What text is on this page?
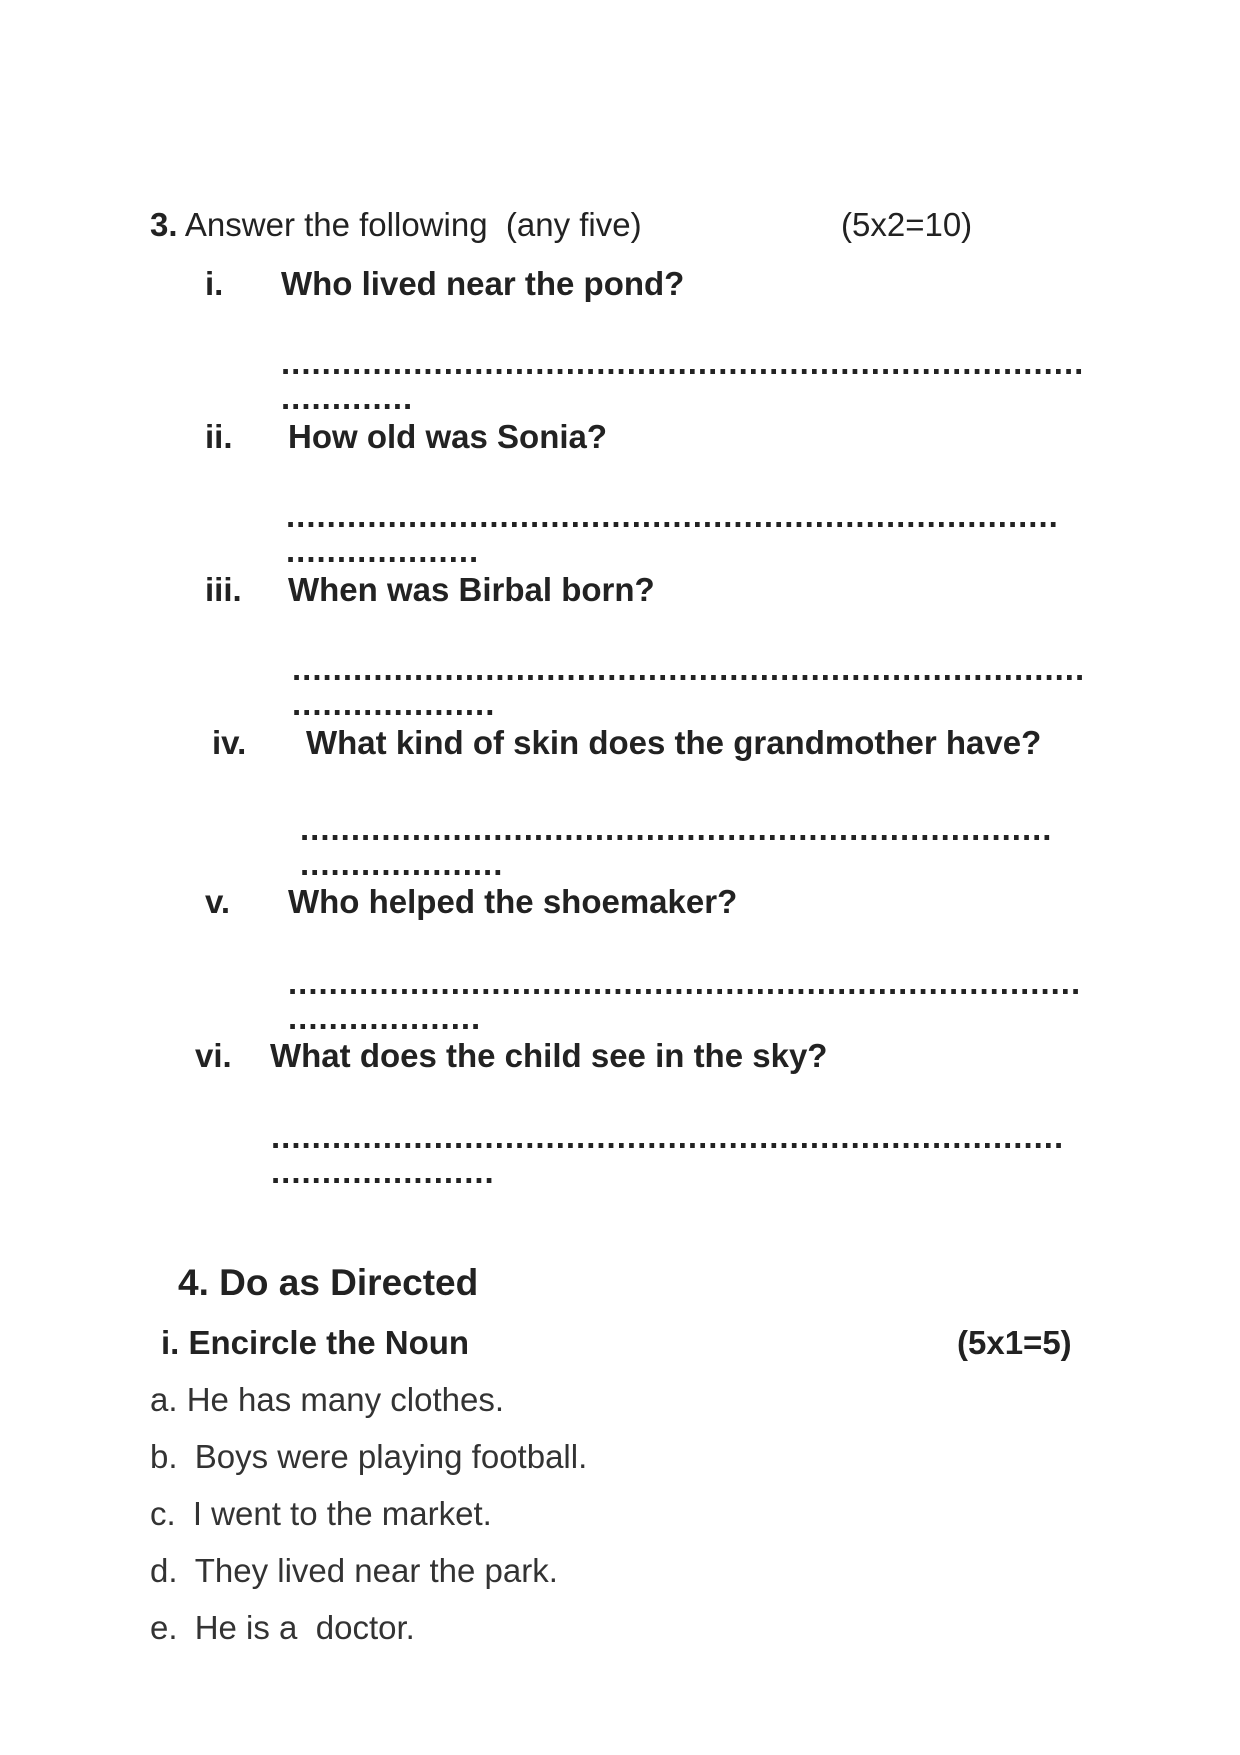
3. Answer the following  (any five)	(5x2=10)
i. Who lived near the pond?
...............................................................................
.............
ii. How old was Sonia?
............................................................................
...................
iii. When was Birbal born?
..............................................................................
....................
iv. What kind of skin does the grandmother have?
..........................................................................
....................
v. Who helped the shoemaker?
..............................................................................
...................
vi. What does the child see in the sky?
..............................................................................
......................
4. Do as Directed
i. Encircle the Noun	(5x1=5)
a. He has many clothes.
b. Boys were playing football.
c. I went to the market.
d. They lived near the park.
e. He is a  doctor.
